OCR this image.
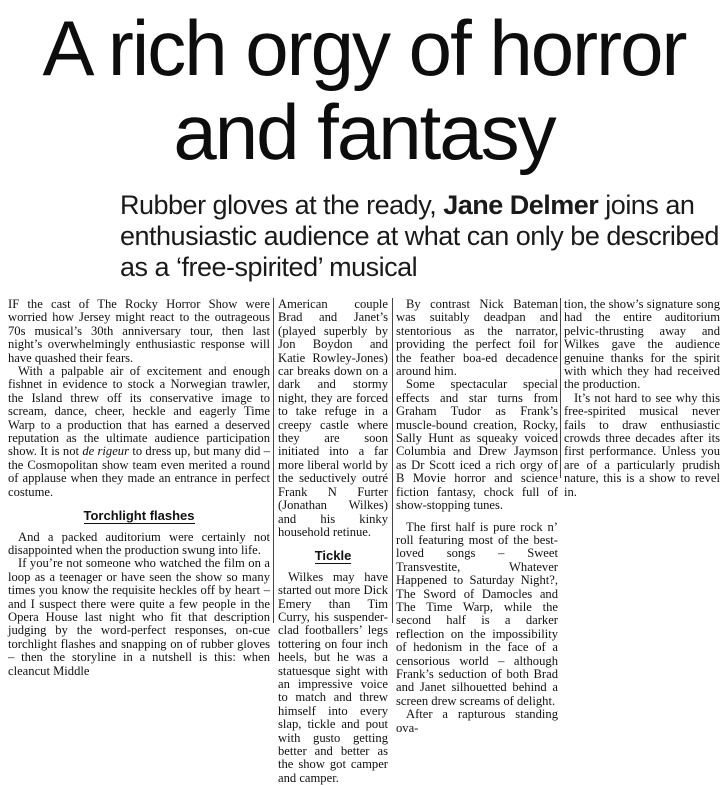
A rich orgy of horror
and fantasy
Rubber gloves at the ready, Jane Delmer joins an enthusiastic audience at what can only be described as a ‘free-spirited’ musical

IF the cast of The Rocky Horror Show were worried how Jersey might react to the outrageous 70s musical’s 30th anniversary tour, then last night’s overwhelmingly enthusiastic response will have quashed their fears.

With a palpable air of excitement and enough fishnet in evidence to stock a Norwegian trawler, the Island threw off its conservative image to scream, dance, cheer, heckle and eagerly Time Warp to a production that has earned a deserved reputation as the ultimate audience participation show. It is not de rigeur to dress up, but many did – the Cosmopolitan show team even merited a round of applause when they made an entrance in perfect costume.

Torchlight flashes

And a packed auditorium were certainly not disappointed when the production swung into life.

If you’re not someone who watched the film on a loop as a teenager or have seen the show so many times you know the requisite heckles off by heart – and I suspect there were quite a few people in the Opera House last night who fit that description judging by the word-perfect responses, on-cue torchlight flashes and snapping on of rubber gloves – then the storyline in a nutshell is this: when cleancut Middle

American couple Brad and Janet’s (played superbly by Jon Boydon and Katie Rowley-Jones) car breaks down on a dark and stormy night, they are forced to take refuge in a creepy castle where they are soon initiated into a far more liberal world by the seductively outré Frank N Furter (Jonathan Wilkes) and his kinky household retinue.

Tickle

Wilkes may have started out more Dick Emery than Tim Curry, his suspender-clad footballers’ legs tottering on four inch heels, but he was a statuesque sight with an impressive voice to match and threw himself into every slap, tickle and pout with gusto getting better and better as the show got camper and camper.

By contrast Nick Bateman was suitably deadpan and stentorious as the narrator, providing the perfect foil for the feather boa-ed decadence around him.

Some spectacular special effects and star turns from Graham Tudor as Frank’s muscle-bound creation, Rocky, Sally Hunt as squeaky voiced Columbia and Drew Jaymson as Dr Scott iced a rich orgy of B Movie horror and science fiction fantasy, chock full of show-stopping tunes.

The first half is pure rock n’ roll featuring most of the best-loved songs – Sweet Transvestite, Whatever Happened to Saturday Night?, The Sword of Damocles and The Time Warp, while the second half is a darker reflection on the impossibility of hedonism in the face of a censorious world – although Frank’s seduction of both Brad and Janet silhouetted behind a screen drew screams of delight.

After a rapturous standing ova-

tion, the show’s signature song had the entire auditorium pelvic-thrusting away and Wilkes gave the audience genuine thanks for the spirit with which they had received the production.

It’s not hard to see why this free-spirited musical never fails to draw enthusiastic crowds three decades after its first performance. Unless you are of a particularly prudish nature, this is a show to revel in.
